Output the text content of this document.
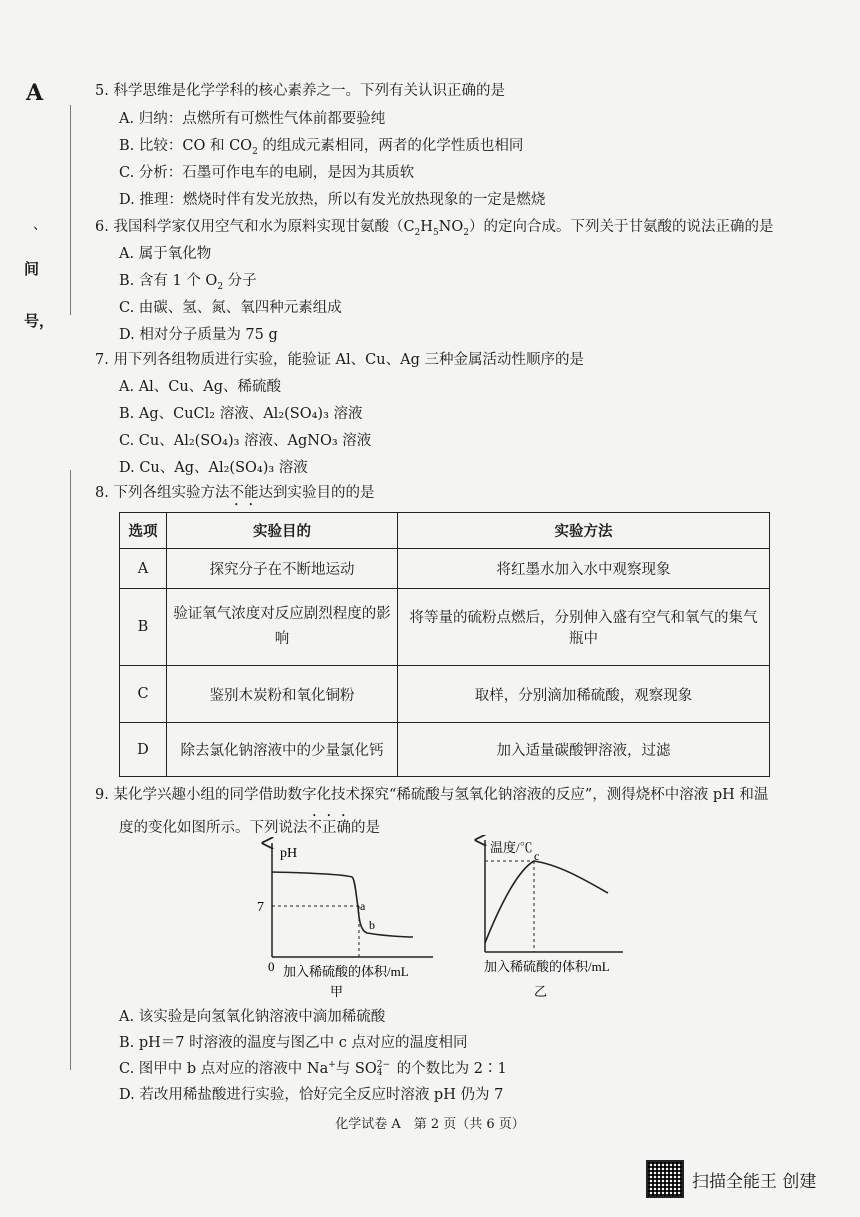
A
、
间
号，
5. 科学思维是化学学科的核心素养之一。下列有关认识正确的是
A. 归纳：点燃所有可燃性气体前都要验纯
B. 比较：CO 和 $CO_2$ 的组成元素相同，两者的化学性质也相同
C. 分析：石墨可作电车的电刷，是因为其质软
D. 推理：燃烧时伴有发光放热，所以有发光放热现象的一定是燃烧
6. 我国科学家仅用空气和水为原料实现甘氨酸$(C_2H_5NO_2)$的定向合成。下列关于甘氨酸的说法正确的是
A. 属于氧化物
B. 含有 1 个 $O_2$ 分子
C. 由碳、氢、氮、氧四种元素组成
D. 相对分子质量为 75 g
7. 用下列各组物质进行实验，能验证 Al、Cu、Ag 三种金属活动性顺序的是
A. Al、Cu、Ag、稀硫酸
B. Ag、CuCl₂ 溶液、Al₂(SO₄)₃ 溶液
C. Cu、Al₂(SO₄)₃ 溶液、AgNO₃ 溶液
D. Cu、Ag、Al₂(SO₄)₃ 溶液
8. 下列各组实验方法不能达到实验目的的是
选项	实验目的	实验方法
A	探究分子在不断地运动	将红墨水加入水中观察现象
B	验证氧气浓度对反应剧烈程度的影响	将等量的硫粉点燃后，分别伸入盛有空气和氧气的集气瓶中
C	鉴别木炭粉和氧化铜粉	取样，分别滴加稀硫酸，观察现象
D	除去氯化钠溶液中的少量氯化钙	加入适量碳酸钾溶液，过滤
9. 某化学兴趣小组的同学借助数字化技术探究“稀硫酸与氢氧化钠溶液的反应”，测得烧杯中溶液 pH 和温
度的变化如图所示。下列说法不正确的是
pH
7
0
a
b
加入稀硫酸的体积/mL
甲
温度/℃
c
加入稀硫酸的体积/mL
乙
A. 该实验是向氢氧化钠溶液中滴加稀硫酸
B. pH＝7 时溶液的温度与图乙中 c 点对应的温度相同
C. 图甲中 b 点对应的溶液中 Na+与 SO 2−
4 的个数比为 2∶1
D. 若改用稀盐酸进行实验，恰好完全反应时溶液 pH 仍为 7
化学试卷 A　第 2 页（共 6 页）
扫描全能王 创建
